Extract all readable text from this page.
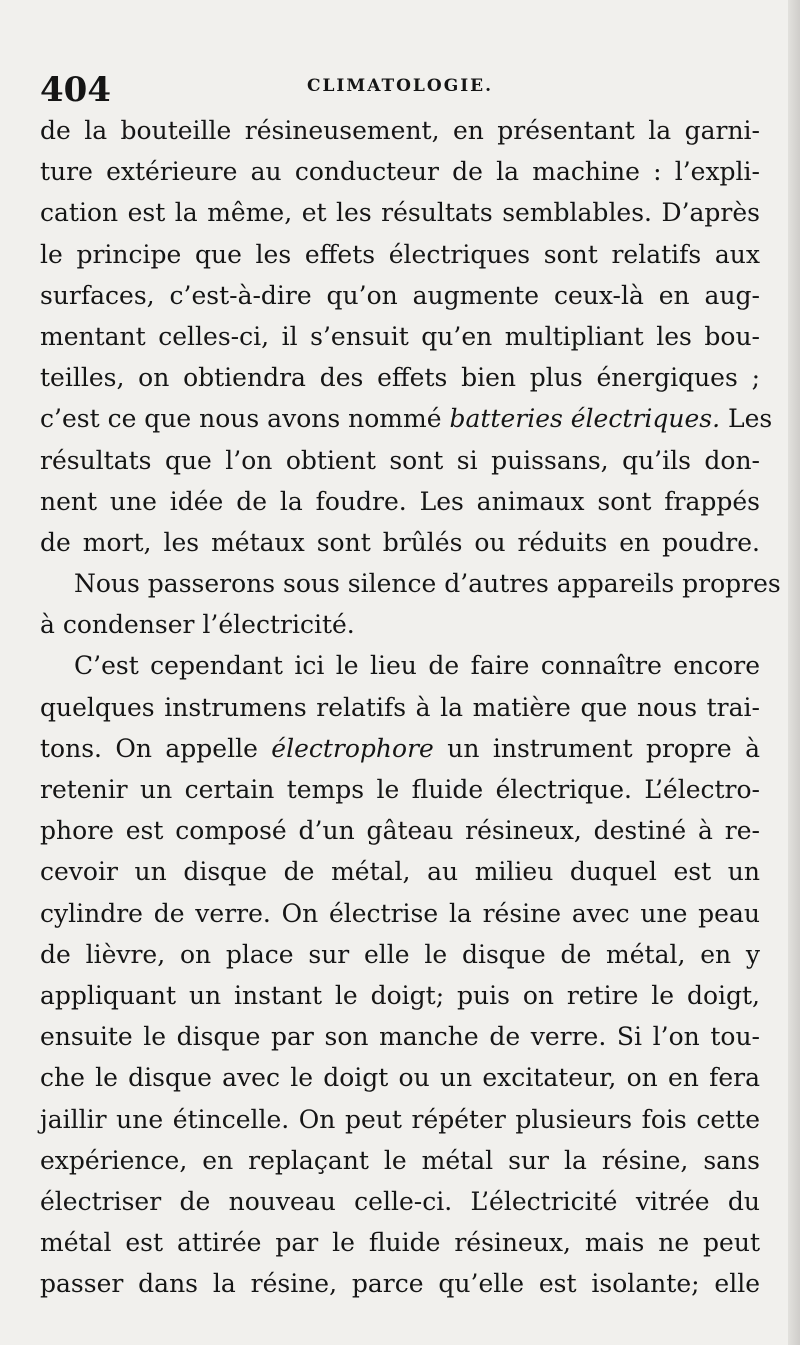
404	CLIMATOLOGIE.
de la bouteille résineusement, en présentant la garni-
ture extérieure au conducteur de la machine : l’expli-
cation est la même, et les résultats semblables. D’après
le principe que les effets électriques sont relatifs aux
surfaces, c’est-à-dire qu’on augmente ceux-là en aug-
mentant celles-ci, il s’ensuit qu’en multipliant les bou-
teilles, on obtiendra des effets bien plus énergiques ;
c’est ce que nous avons nommé batteries électriques. Les
résultats que l’on obtient sont si puissans, qu’ils don-
nent une idée de la foudre. Les animaux sont frappés
de mort, les métaux sont brûlés ou réduits en poudre.
Nous passerons sous silence d’autres appareils propres
à condenser l’électricité.
C’est cependant ici le lieu de faire connaître encore
quelques instrumens relatifs à la matière que nous trai-
tons. On appelle électrophore un instrument propre à
retenir un certain temps le fluide électrique. L’électro-
phore est composé d’un gâteau résineux, destiné à re-
cevoir un disque de métal, au milieu duquel est un
cylindre de verre. On électrise la résine avec une peau
de lièvre, on place sur elle le disque de métal, en y
appliquant un instant le doigt; puis on retire le doigt,
ensuite le disque par son manche de verre. Si l’on tou-
che le disque avec le doigt ou un excitateur, on en fera
jaillir une étincelle. On peut répéter plusieurs fois cette
expérience, en replaçant le métal sur la résine, sans
électriser de nouveau celle-ci. L’électricité vitrée du
métal est attirée par le fluide résineux, mais ne peut
passer dans la résine, parce qu’elle est isolante; elle
